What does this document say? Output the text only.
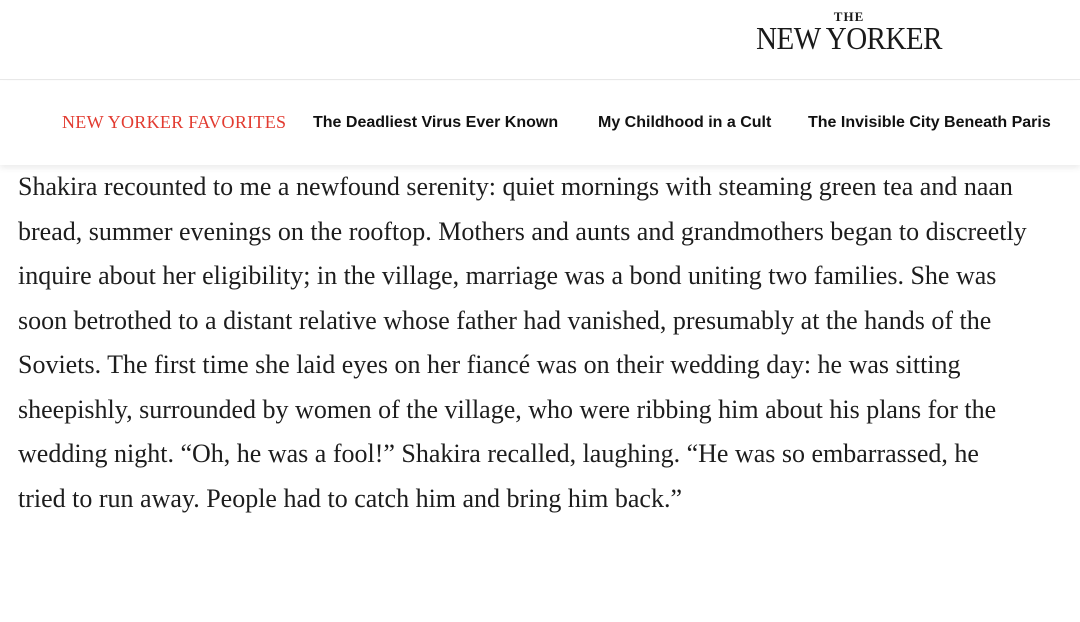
THE
NEW YORKER
NEW YORKER FAVORITES The Deadliest Virus Ever Known My Childhood in a Cult The Invisible City Beneath Paris

Shakira recounted to me a newfound serenity: quiet mornings with steaming green tea and naan bread, summer evenings on the rooftop. Mothers and aunts and grandmothers began to discreetly inquire about her eligibility; in the village, marriage was a bond uniting two families. She was soon betrothed to a distant relative whose father had vanished, presumably at the hands of the Soviets. The first time she laid eyes on her fiancé was on their wedding day: he was sitting sheepishly, surrounded by women of the village, who were ribbing him about his plans for the wedding night. “Oh, he was a fool!” Shakira recalled, laughing. “He was so embarrassed, he tried to run away. People had to catch him and bring him back.”
